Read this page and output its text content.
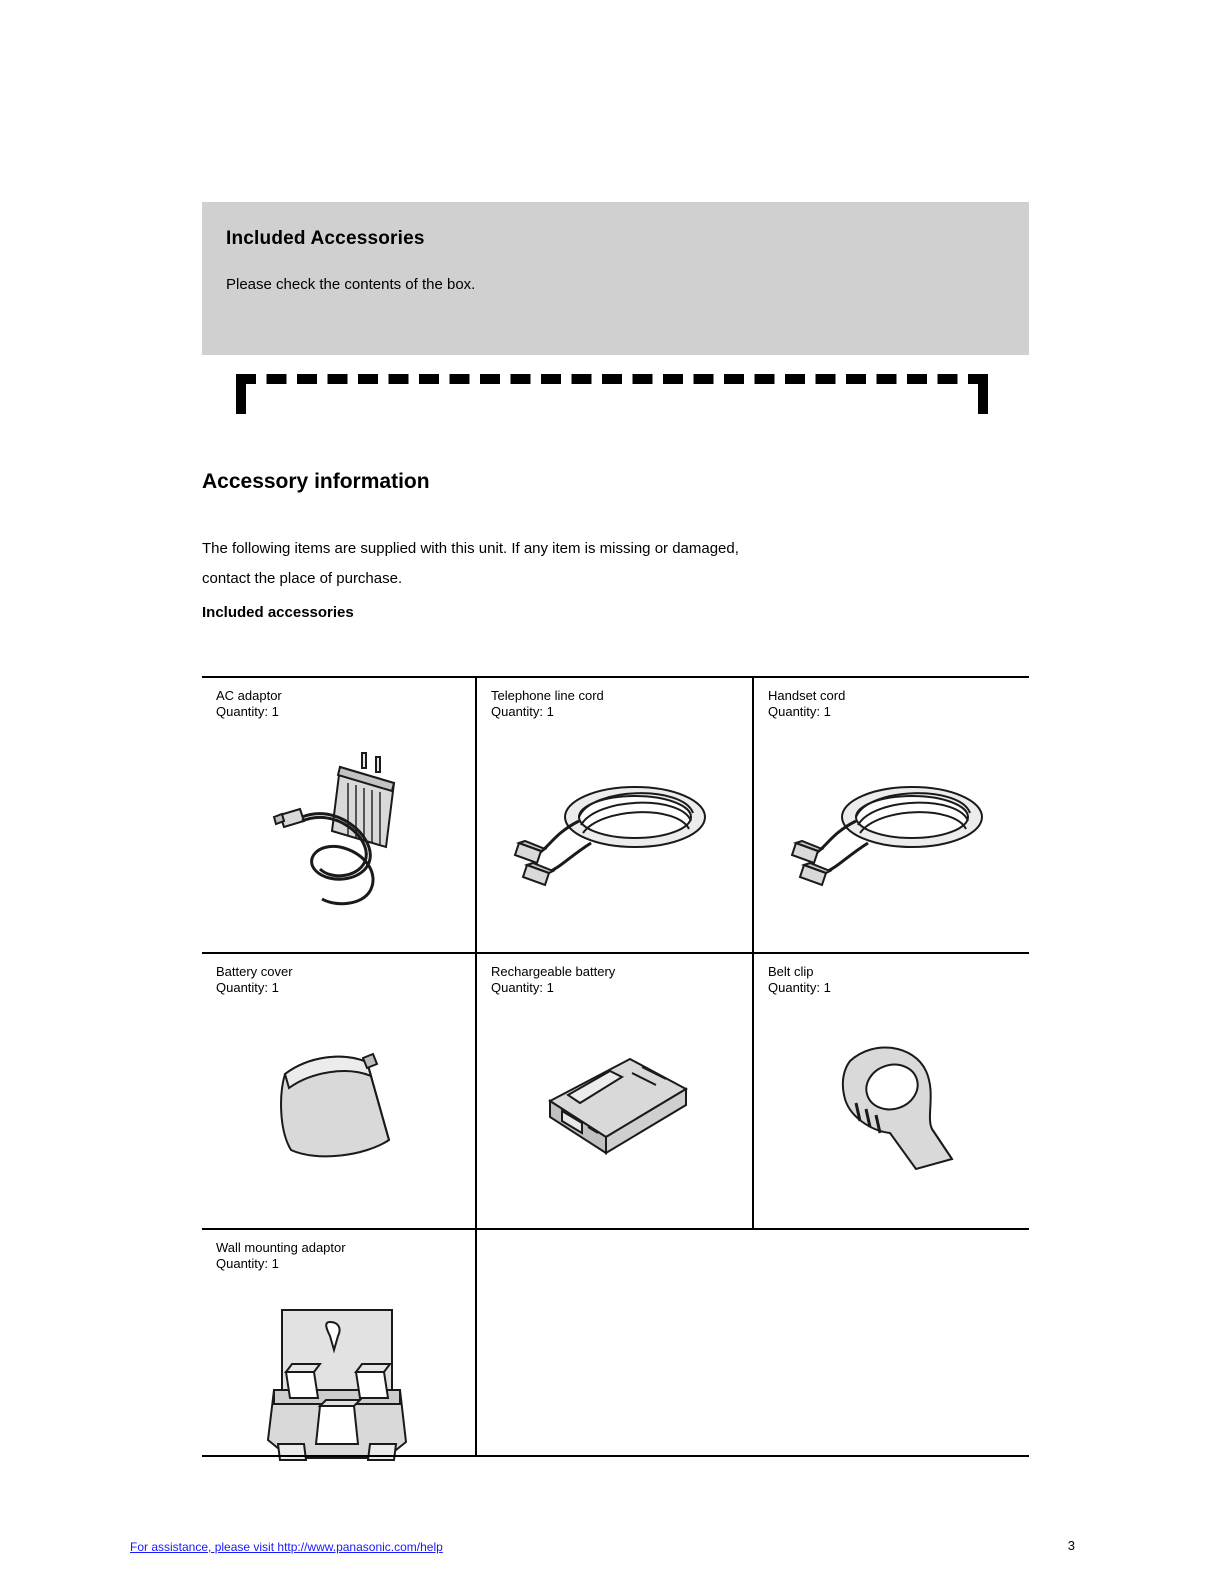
Included Accessories
Please check the contents of the box.
Accessory information
The following items are supplied with this unit. If any item is missing or damaged,
contact the place of purchase.
Included accessories
AC adaptor
Quantity: 1	Telephone line cord
Quantity: 1	Handset cord
Quantity: 1

Battery cover
Quantity: 1	Rechargeable battery
Quantity: 1	Belt clip
Quantity: 1

Wall mounting adaptor
Quantity: 1		

For assistance, please visit http://www.panasonic.com/help	3
